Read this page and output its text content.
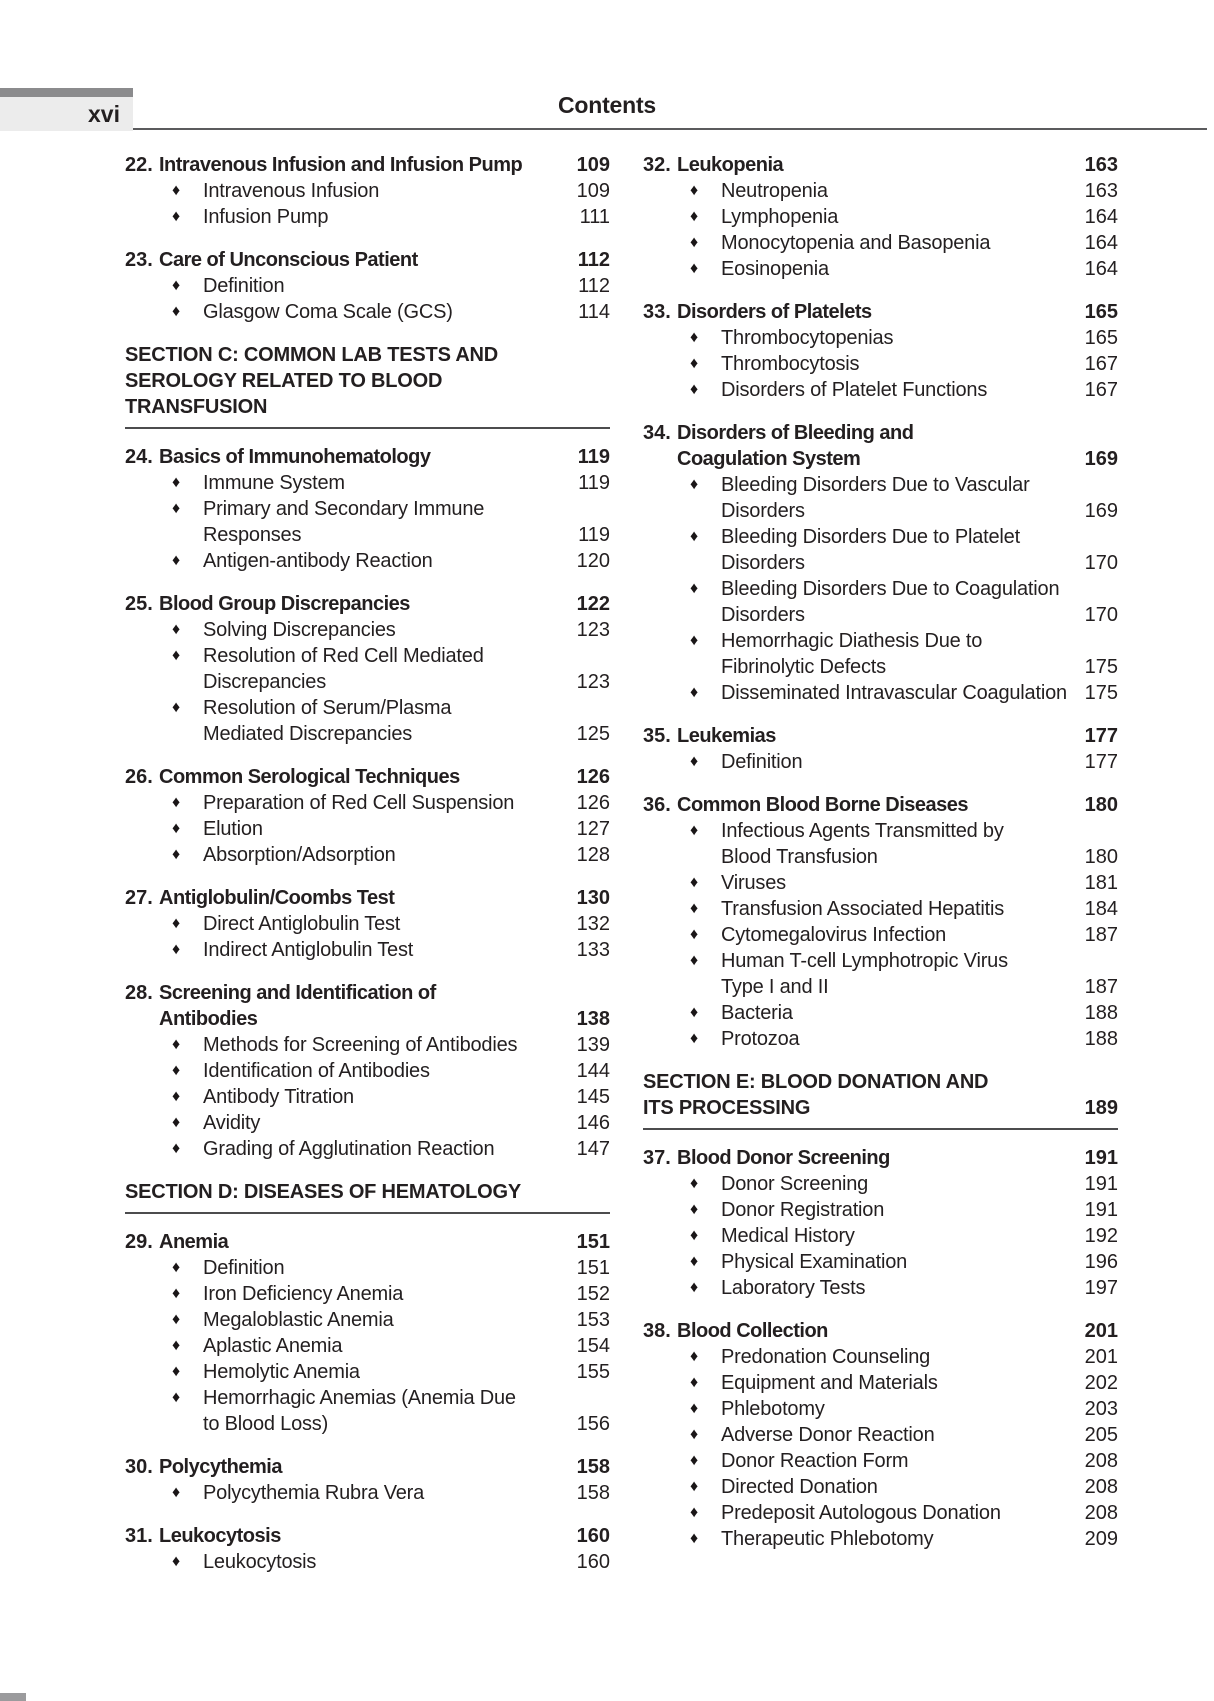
xvi	Contents
22. Intravenous Infusion and Infusion Pump	109
♦	Intravenous Infusion	109
♦	Infusion Pump	111
23. Care of Unconscious Patient	112
♦	Definition	112
♦	Glasgow Coma Scale (GCS)	114
SECTION C: COMMON LAB TESTS AND
SEROLOGY RELATED TO BLOOD
TRANSFUSION
24. Basics of Immunohematology	119
♦	Immune System	119
♦	Primary and Secondary Immune
Responses	119
♦	Antigen-antibody Reaction	120
25. Blood Group Discrepancies	122
♦	Solving Discrepancies	123
♦	Resolution of Red Cell Mediated
Discrepancies	123
♦	Resolution of Serum/Plasma
Mediated Discrepancies	125
26. Common Serological Techniques	126
♦	Preparation of Red Cell Suspension	126
♦	Elution	127
♦	Absorption/Adsorption	128
27. Antiglobulin/Coombs Test	130
♦	Direct Antiglobulin Test	132
♦	Indirect Antiglobulin Test	133
28. Screening and Identification of
Antibodies	138
♦	Methods for Screening of Antibodies	139
♦	Identification of Antibodies	144
♦	Antibody Titration	145
♦	Avidity	146
♦	Grading of Agglutination Reaction	147
SECTION D: DISEASES OF HEMATOLOGY
29. Anemia	151
♦	Definition	151
♦	Iron Deficiency Anemia	152
♦	Megaloblastic Anemia	153
♦	Aplastic Anemia	154
♦	Hemolytic Anemia	155
♦	Hemorrhagic Anemias (Anemia Due
to Blood Loss)	156
30. Polycythemia	158
♦	Polycythemia Rubra Vera	158
31. Leukocytosis	160
♦	Leukocytosis	160
32. Leukopenia	163
♦	Neutropenia	163
♦	Lymphopenia	164
♦	Monocytopenia and Basopenia	164
♦	Eosinopenia	164
33. Disorders of Platelets	165
♦	Thrombocytopenias	165
♦	Thrombocytosis	167
♦	Disorders of Platelet Functions	167
34. Disorders of Bleeding and
Coagulation System	169
♦	Bleeding Disorders Due to Vascular
Disorders	169
♦	Bleeding Disorders Due to Platelet
Disorders	170
♦	Bleeding Disorders Due to Coagulation
Disorders	170
♦	Hemorrhagic Diathesis Due to
Fibrinolytic Defects	175
♦	Disseminated Intravascular Coagulation 175
35. Leukemias	177
♦	Definition	177
36. Common Blood Borne Diseases	180
♦	Infectious Agents Transmitted by
Blood Transfusion	180
♦	Viruses	181
♦	Transfusion Associated Hepatitis	184
♦	Cytomegalovirus Infection	187
♦	Human T-cell Lymphotropic Virus
Type I and II	187
♦	Bacteria	188
♦	Protozoa	188
SECTION E: BLOOD DONATION AND
ITS PROCESSING	189
37. Blood Donor Screening	191
♦	Donor Screening	191
♦	Donor Registration	191
♦	Medical History	192
♦	Physical Examination	196
♦	Laboratory Tests	197
38. Blood Collection	201
♦	Predonation Counseling	201
♦	Equipment and Materials	202
♦	Phlebotomy	203
♦	Adverse Donor Reaction	205
♦	Donor Reaction Form	208
♦	Directed Donation	208
♦	Predeposit Autologous Donation	208
♦	Therapeutic Phlebotomy	209
